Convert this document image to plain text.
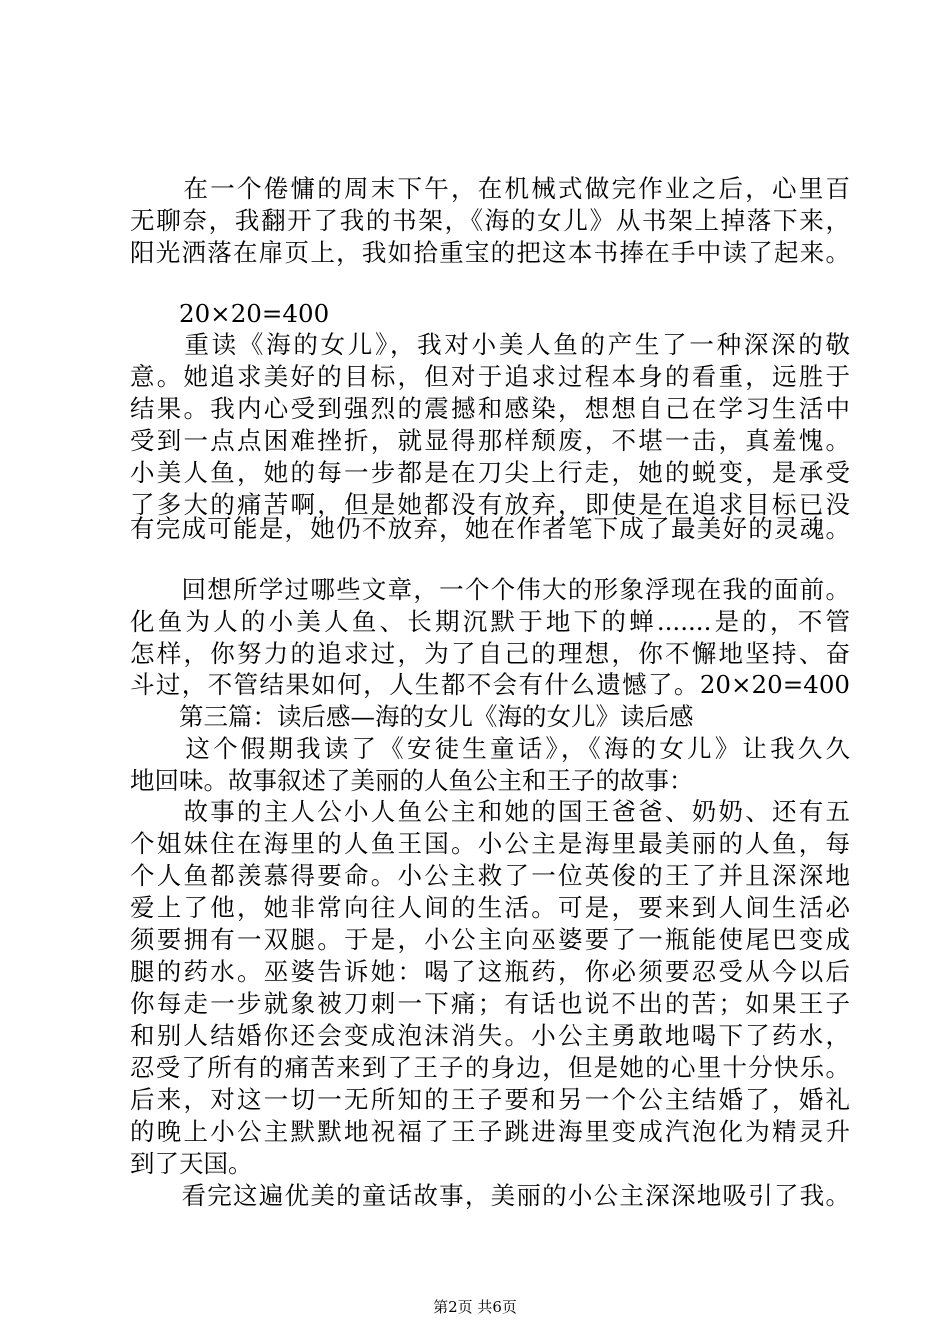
　　在一个倦慵的周末下午，在机械式做完作业之后，心里百
无聊奈，我翻开了我的书架，《海的女儿》从书架上掉落下来，
阳光洒落在扉页上，我如拾重宝的把这本书捧在手中读了起来。
　　20×20=400
　　重读《海的女儿》，我对小美人鱼的产生了一种深深的敬
意。她追求美好的目标，但对于追求过程本身的看重，远胜于
结果。我内心受到强烈的震撼和感染，想想自己在学习生活中
受到一点点困难挫折，就显得那样颓废，不堪一击，真羞愧。
小美人鱼，她的每一步都是在刀尖上行走，她的蜕变，是承受
了多大的痛苦啊，但是她都没有放弃，即使是在追求目标已没
有完成可能是，她仍不放弃，她在作者笔下成了最美好的灵魂。
　　回想所学过哪些文章，一个个伟大的形象浮现在我的面前。
化鱼为人的小美人鱼、长期沉默于地下的蝉.......是的，不管
怎样，你努力的追求过，为了自己的理想，你不懈地坚持、奋
斗过，不管结果如何，人生都不会有什么遗憾了。20×20=400
　　第三篇：读后感—海的女儿《海的女儿》读后感
　　这个假期我读了《安徒生童话》，《海的女儿》让我久久
地回味。故事叙述了美丽的人鱼公主和王子的故事：
　　故事的主人公小人鱼公主和她的国王爸爸、奶奶、还有五
个姐妹住在海里的人鱼王国。小公主是海里最美丽的人鱼，每
个人鱼都羡慕得要命。小公主救了一位英俊的王了并且深深地
爱上了他，她非常向往人间的生活。可是，要来到人间生活必
须要拥有一双腿。于是，小公主向巫婆要了一瓶能使尾巴变成
腿的药水。巫婆告诉她：喝了这瓶药，你必须要忍受从今以后
你每走一步就象被刀刺一下痛；有话也说不出的苦；如果王子
和别人结婚你还会变成泡沫消失。小公主勇敢地喝下了药水，
忍受了所有的痛苦来到了王子的身边，但是她的心里十分快乐。
后来，对这一切一无所知的王子要和另一个公主结婚了，婚礼
的晚上小公主默默地祝福了王子跳进海里变成汽泡化为精灵升
到了天国。
　　看完这遍优美的童话故事，美丽的小公主深深地吸引了我。
第2页 共6页
